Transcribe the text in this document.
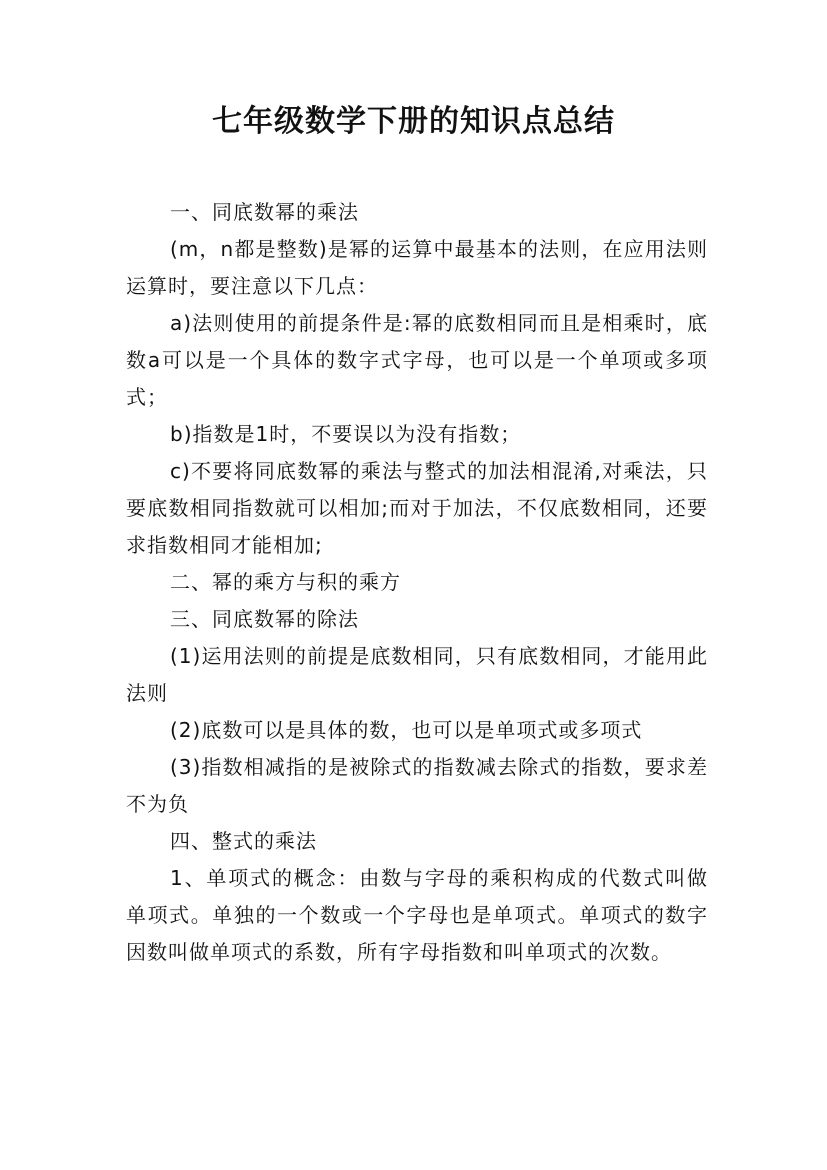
七年级数学下册的知识点总结

一、同底数幂的乘法

(m，n都是整数)是幂的运算中最基本的法则，在应用法则运算时，要注意以下几点：

a)法则使用的前提条件是:幂的底数相同而且是相乘时，底数a可以是一个具体的数字式字母，也可以是一个单项或多项式；

b)指数是1时，不要误以为没有指数；

c)不要将同底数幂的乘法与整式的加法相混淆,对乘法，只要底数相同指数就可以相加;而对于加法，不仅底数相同，还要求指数相同才能相加;

二、幂的乘方与积的乘方

三、同底数幂的除法

(1)运用法则的前提是底数相同，只有底数相同，才能用此法则

(2)底数可以是具体的数，也可以是单项式或多项式

(3)指数相减指的是被除式的指数减去除式的指数，要求差不为负

四、整式的乘法

1、单项式的概念：由数与字母的乘积构成的代数式叫做单项式。单独的一个数或一个字母也是单项式。单项式的数字因数叫做单项式的系数，所有字母指数和叫单项式的次数。
